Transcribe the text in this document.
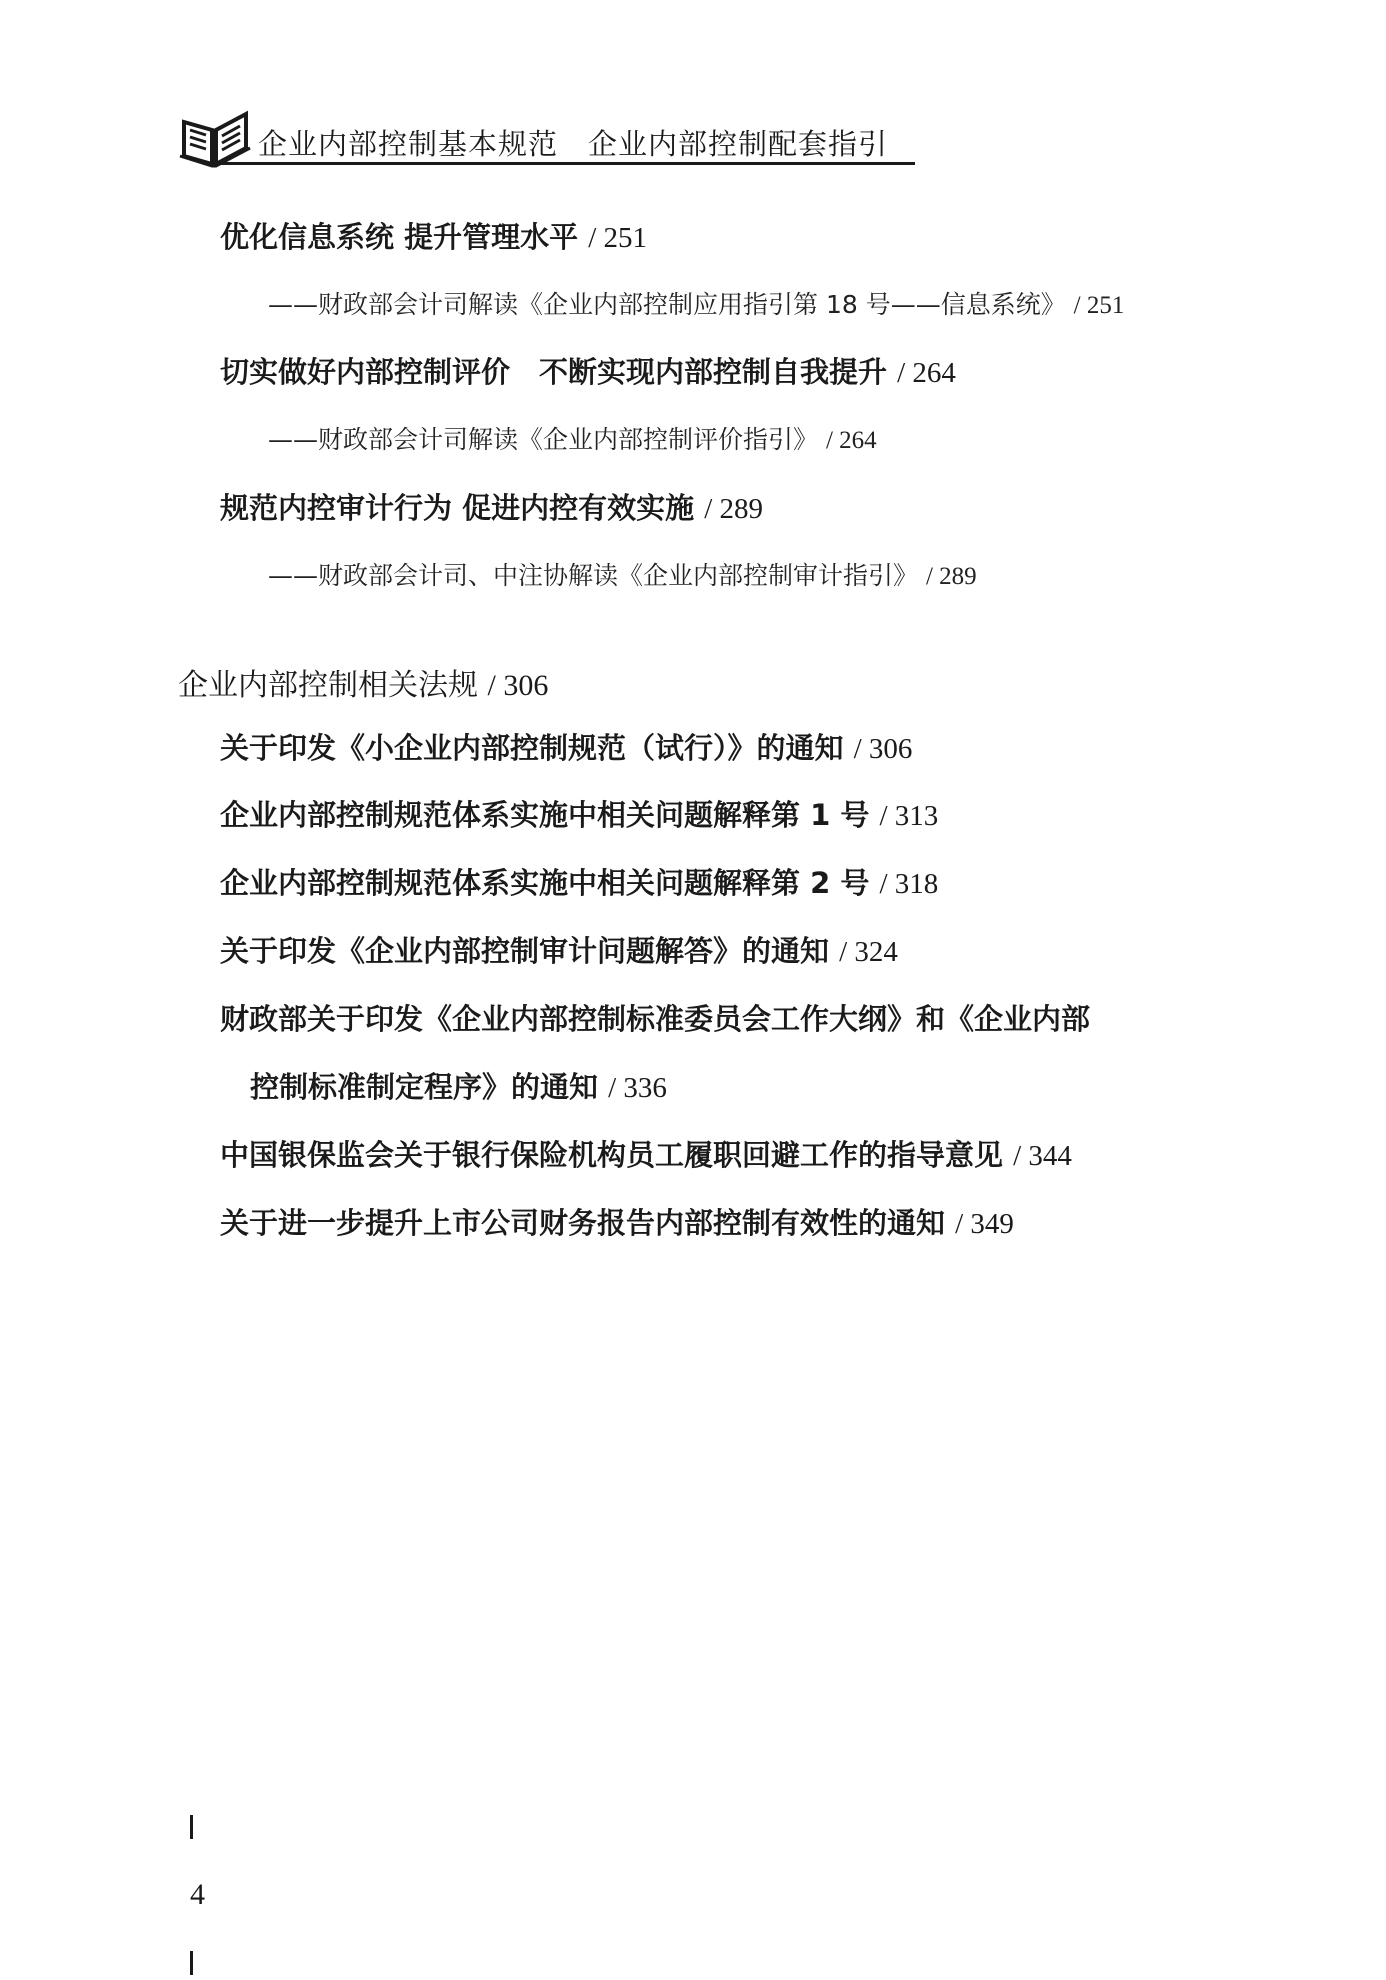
企业内部控制基本规范　企业内部控制配套指引
优化信息系统 提升管理水平 / 251
——财政部会计司解读《企业内部控制应用指引第 18 号——信息系统》 / 251
切实做好内部控制评价　不断实现内部控制自我提升 / 264
——财政部会计司解读《企业内部控制评价指引》 / 264
规范内控审计行为 促进内控有效实施 / 289
——财政部会计司、中注协解读《企业内部控制审计指引》 / 289
企业内部控制相关法规 / 306
关于印发《小企业内部控制规范（试行）》的通知 / 306
企业内部控制规范体系实施中相关问题解释第 1 号 / 313
企业内部控制规范体系实施中相关问题解释第 2 号 / 318
关于印发《企业内部控制审计问题解答》的通知 / 324
财政部关于印发《企业内部控制标准委员会工作大纲》和《企业内部
控制标准制定程序》的通知 / 336
中国银保监会关于银行保险机构员工履职回避工作的指导意见 / 344
关于进一步提升上市公司财务报告内部控制有效性的通知 / 349

4
